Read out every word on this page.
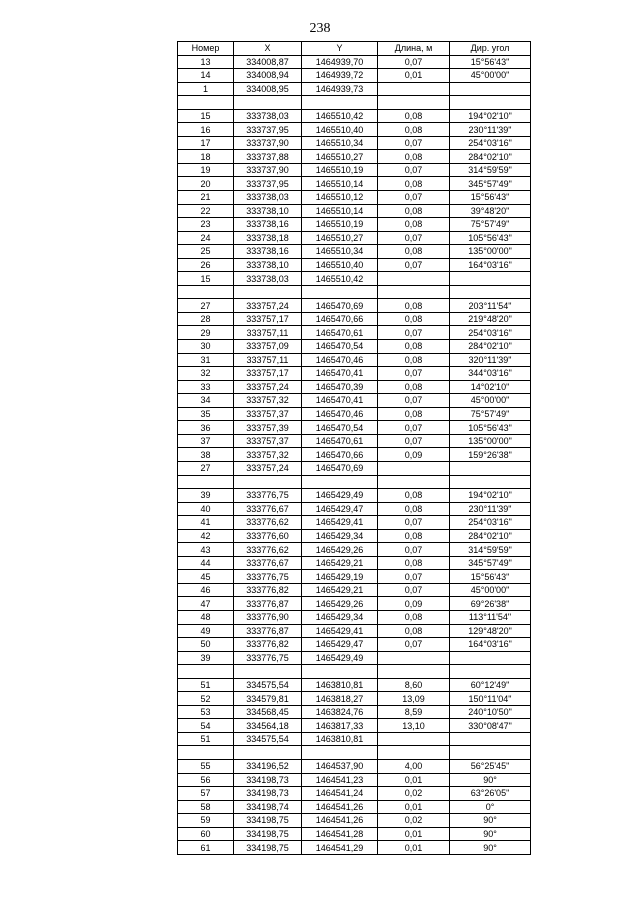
238
Номер	X	Y	Длина, м	Дир. угол
13	334008,87	1464939,70	0,07	15°56'43"
14	334008,94	1464939,72	0,01	45°00'00"
1	334008,95	1464939,73		

15	333738,03	1465510,42	0,08	194°02'10"
16	333737,95	1465510,40	0,08	230°11'39"
17	333737,90	1465510,34	0,07	254°03'16"
18	333737,88	1465510,27	0,08	284°02'10"
19	333737,90	1465510,19	0,07	314°59'59"
20	333737,95	1465510,14	0,08	345°57'49"
21	333738,03	1465510,12	0,07	15°56'43"
22	333738,10	1465510,14	0,08	39°48'20"
23	333738,16	1465510,19	0,08	75°57'49"
24	333738,18	1465510,27	0,07	105°56'43"
25	333738,16	1465510,34	0,08	135°00'00"
26	333738,10	1465510,40	0,07	164°03'16"
15	333738,03	1465510,42		

27	333757,24	1465470,69	0,08	203°11'54"
28	333757,17	1465470,66	0,08	219°48'20"
29	333757,11	1465470,61	0,07	254°03'16"
30	333757,09	1465470,54	0,08	284°02'10"
31	333757,11	1465470,46	0,08	320°11'39"
32	333757,17	1465470,41	0,07	344°03'16"
33	333757,24	1465470,39	0,08	14°02'10"
34	333757,32	1465470,41	0,07	45°00'00"
35	333757,37	1465470,46	0,08	75°57'49"
36	333757,39	1465470,54	0,07	105°56'43"
37	333757,37	1465470,61	0,07	135°00'00"
38	333757,32	1465470,66	0,09	159°26'38"
27	333757,24	1465470,69		

39	333776,75	1465429,49	0,08	194°02'10"
40	333776,67	1465429,47	0,08	230°11'39"
41	333776,62	1465429,41	0,07	254°03'16"
42	333776,60	1465429,34	0,08	284°02'10"
43	333776,62	1465429,26	0,07	314°59'59"
44	333776,67	1465429,21	0,08	345°57'49"
45	333776,75	1465429,19	0,07	15°56'43"
46	333776,82	1465429,21	0,07	45°00'00"
47	333776,87	1465429,26	0,09	69°26'38"
48	333776,90	1465429,34	0,08	113°11'54"
49	333776,87	1465429,41	0,08	129°48'20"
50	333776,82	1465429,47	0,07	164°03'16"
39	333776,75	1465429,49		

51	334575,54	1463810,81	8,60	60°12'49"
52	334579,81	1463818,27	13,09	150°11'04"
53	334568,45	1463824,76	8,59	240°10'50"
54	334564,18	1463817,33	13,10	330°08'47"
51	334575,54	1463810,81		

55	334196,52	1464537,90	4,00	56°25'45"
56	334198,73	1464541,23	0,01	90°
57	334198,73	1464541,24	0,02	63°26'05"
58	334198,74	1464541,26	0,01	0°
59	334198,75	1464541,26	0,02	90°
60	334198,75	1464541,28	0,01	90°
61	334198,75	1464541,29	0,01	90°
